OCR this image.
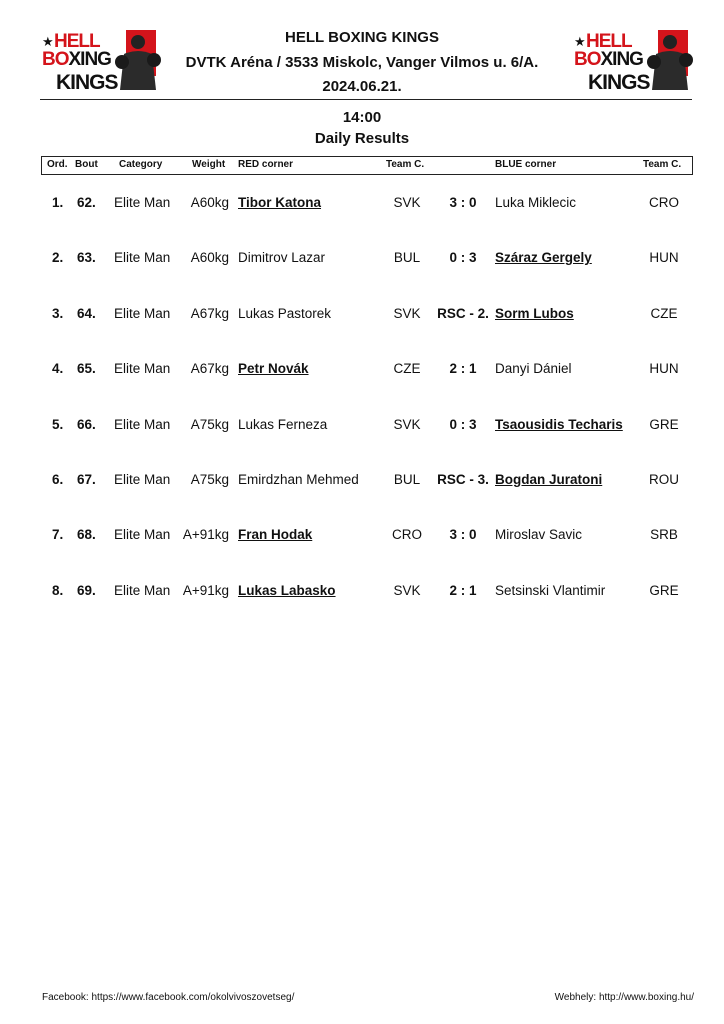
★ HELL
BOXING
KINGS
★ HELL
BOXING
KINGS
HELL BOXING KINGS
DVTK Aréna / 3533 Miskolc, Vanger Vilmos u. 6/A.
2024.06.21.
14:00
Daily Results
Ord. Bout Category	Weight RED corner	Team C.	BLUE corner	Team C.
1. 62. Elite Man A60kg Tibor Katona	SVK 3 : 0 Luka Miklecic	CRO
2. 63. Elite Man A60kg Dimitrov Lazar	BUL 0 : 3 Száraz Gergely	HUN
3. 64. Elite Man A67kg Lukas Pastorek	SVK RSC - 2. Sorm Lubos	CZE
4. 65. Elite Man A67kg Petr Novák	CZE 2 : 1 Danyi Dániel	HUN
5. 66. Elite Man A75kg Lukas Ferneza	SVK 0 : 3 Tsaousidis Techaris GRE
6. 67. Elite Man A75kg Emirdzhan Mehmed	BUL RSC - 3. Bogdan Juratoni	ROU
7. 68. Elite Man A+91kg Fran Hodak	CRO 3 : 0 Miroslav Savic	SRB
8. 69. Elite Man A+91kg Lukas Labasko	SVK 2 : 1 Setsinski Vlantimir	GRE
Facebook: https://www.facebook.com/okolvivoszovetseg/	Webhely: http://www.boxing.hu/
